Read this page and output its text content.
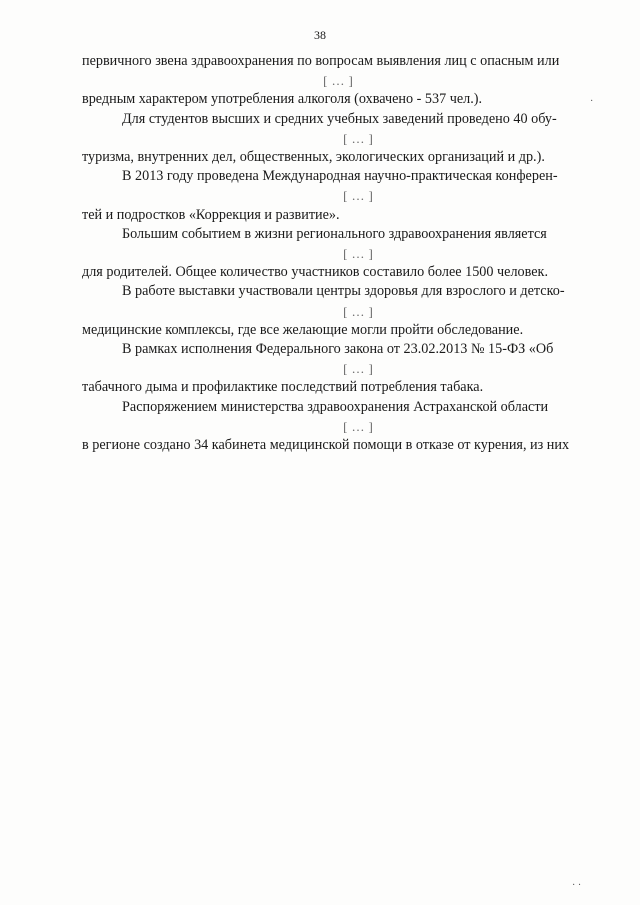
38

первичного звена здравоохранения по вопросам выявления лиц с опасным или
[…]
вредным характером употребления алкоголя (охвачено - 537 чел.).

Для студентов высших и средних учебных заведений проведено 40 обу-
[…]
туризма, внутренних дел, общественных, экологических организаций и др.).

В 2013 году проведена Международная научно-практическая конферен-
[…]
тей и подростков «Коррекция и развитие».

Большим событием в жизни регионального здравоохранения является
[…]
для родителей. Общее количество участников составило более 1500 человек.

В работе выставки участвовали центры здоровья для взрослого и детско-
[…]
медицинские комплексы, где все желающие могли пройти обследование.

В рамках исполнения Федерального закона от 23.02.2013 № 15-ФЗ «Об
[…]
табачного дыма и профилактике последствий потребления табака.

Распоряжением министерства здравоохранения Астраханской области
[…]
в регионе создано 34 кабинета медицинской помощи в отказе от курения, из них

·
· ·
